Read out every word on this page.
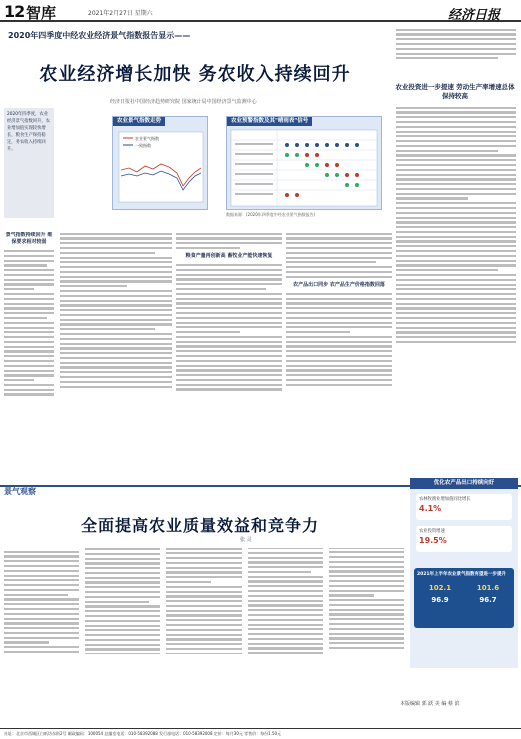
12 智库	2021年2月27日 星期六	经济日报
2020年四季度中经农业经济景气指数报告显示——
农业经济增长加快 务农收入持续回升
经济日报社中国经济趋势研究院 国家统计局中国经济景气监测中心
2020年四季度，农业经济景气指数回升，农业增加值实现较快增长，粮食生产保持稳定，务农收入持续回升。
景气指数持续回升 维保要求相对较弱
粮食产量再创新高 畜牧业产能快速恢复
农产品出口同步 农产品生产价格指数回落
农业投资进一步提速 劳动生产率增速总体保持较高
农业景气指数走势
农业景气指数
一致指数
农业预警指数及其"晴雨表"信号
数据来源：(2020年四季度中经农业景气指数报告)
景气观察
全面提高农业质量效益和竞争力
张 灵
优化农产品出口持续向好
农林牧渔业增加值同比增长
4.1%
农业投资增速
19.5%
2021年上半年农业景气指数有望进一步提升
102.1	101.6
96.9	96.7
本版编辑 郭 跃 美 编 蔡 滨
社址：北京市西城区白纸坊东街2号 邮政编码：100054 总编室电话：010-58392088 发行部电话：010-58392008 定价：每月30元 零售价：每份1.50元
